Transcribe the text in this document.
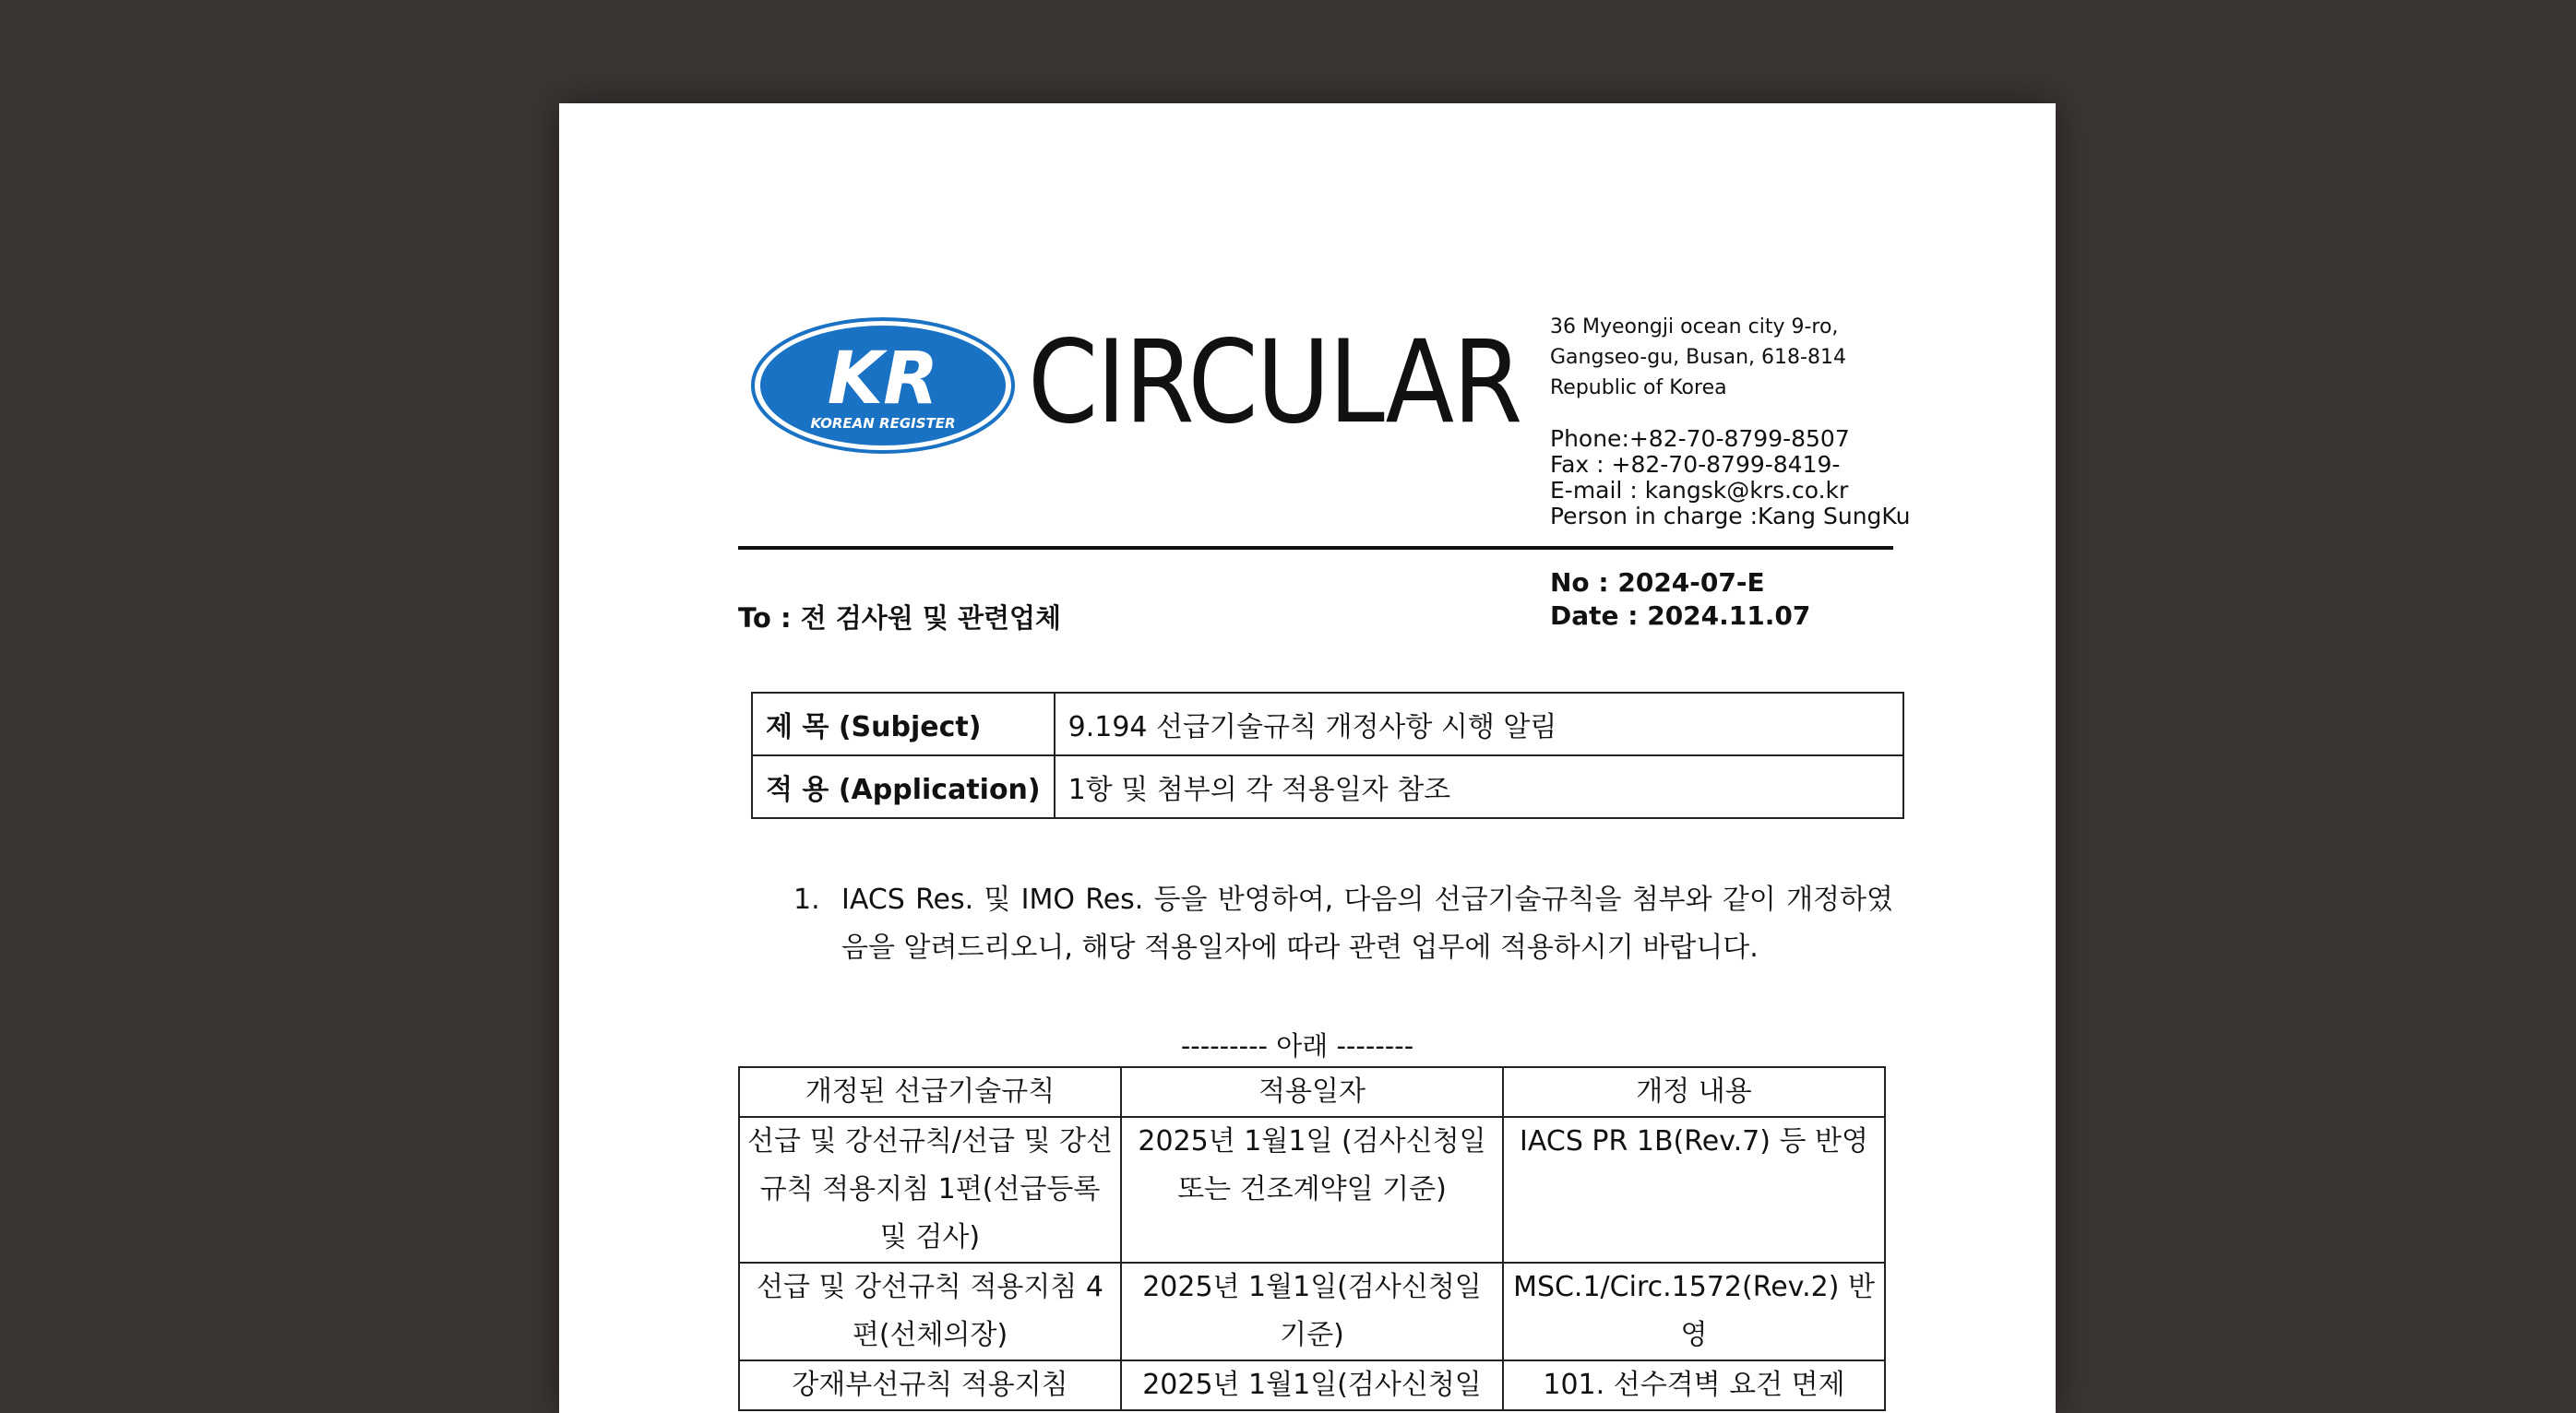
KR
KOREAN REGISTER CIRCULAR 36 Myeongji ocean city 9-ro,
Gangseo-gu, Busan, 618-814
Republic of Korea
Phone:+82-70-8799-8507
Fax : +82-70-8799-8419-
E-mail : kangsk@krs.co.kr
Person in charge :Kang SungKu
To : 전 검사원 및 관련업체
No : 2024-07-E
Date : 2024.11.07
제 목 (Subject)	9.194 선급기술규칙 개정사항 시행 알림
적 용 (Application)	1항 및 첨부의 각 적용일자 참조
1. IACS Res. 및 IMO Res. 등을 반영하여, 다음의 선급기술규칙을 첨부와 같이 개정하였음을 알려드리오니, 해당 적용일자에 따라 관련 업무에 적용하시기 바랍니다.
--------- 아래 --------
개정된 선급기술규칙	적용일자	개정 내용
선급 및 강선규칙/선급 및 강선규칙 적용지침 1편(선급등록 및 검사)	2025년 1월1일 (검사신청일 또는 건조계약일 기준)	IACS PR 1B(Rev.7) 등 반영
선급 및 강선규칙 적용지침 4편(선체의장)	2025년 1월1일(검사신청일 기준)	MSC.1/Circ.1572(Rev.2) 반영
강재부선규칙 적용지침	2025년 1월1일(검사신청일	101. 선수격벽 요건 면제
